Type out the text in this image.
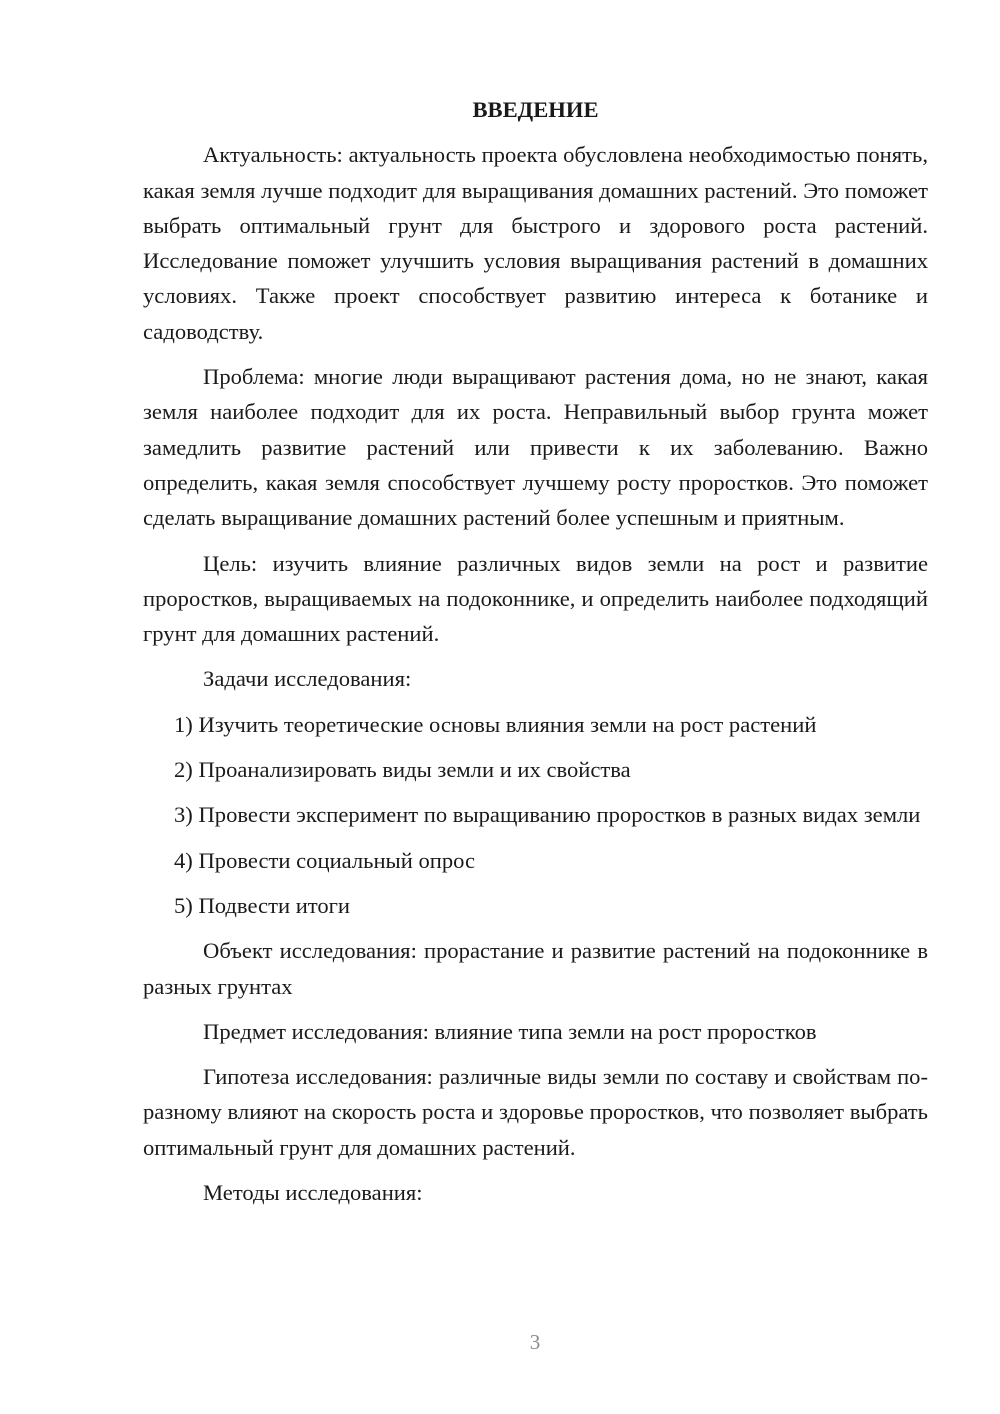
ВВЕДЕНИЕ

Актуальность: актуальность проекта обусловлена необходимостью понять, какая земля лучше подходит для выращивания домашних растений. Это поможет выбрать оптимальный грунт для быстрого и здорового роста растений. Исследование поможет улучшить условия выращивания растений в домашних условиях. Также проект способствует развитию интереса к ботанике и садоводству.

Проблема: многие люди выращивают растения дома, но не знают, какая земля наиболее подходит для их роста. Неправильный выбор грунта может замедлить развитие растений или привести к их заболеванию. Важно определить, какая земля способствует лучшему росту проростков. Это поможет сделать выращивание домашних растений более успешным и приятным.

Цель: изучить влияние различных видов земли на рост и развитие проростков, выращиваемых на подоконнике, и определить наиболее подходящий грунт для домашних растений.

Задачи исследования:

1) Изучить теоретические основы влияния земли на рост растений

2) Проанализировать виды земли и их свойства

3) Провести эксперимент по выращиванию проростков в разных видах земли

4) Провести социальный опрос

5) Подвести итоги

Объект исследования: прорастание и развитие растений на подоконнике в разных грунтах

Предмет исследования: влияние типа земли на рост проростков

Гипотеза исследования: различные виды земли по составу и свойствам по-разному влияют на скорость роста и здоровье проростков, что позволяет выбрать оптимальный грунт для домашних растений.

Методы исследования:

3
